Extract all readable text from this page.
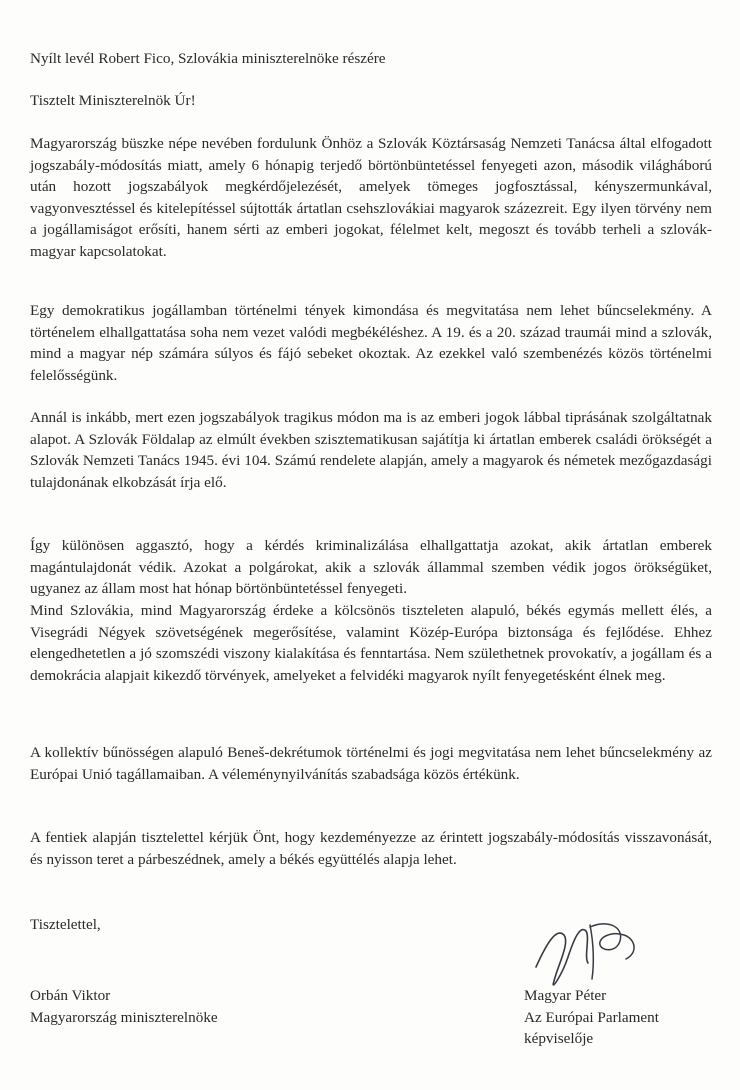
Nyílt levél Robert Fico, Szlovákia miniszterelnöke részére
Tisztelt Miniszterelnök Úr!
Magyarország büszke népe nevében fordulunk Önhöz a Szlovák Köztársaság Nemzeti Tanácsa által elfogadott jogszabály-módosítás miatt, amely 6 hónapig terjedő börtönbüntetéssel fenyegeti azon, második világháború után hozott jogszabályok megkérdőjelezését, amelyek tömeges jogfosztással, kényszermunkával, vagyonvesztéssel és kitelepítéssel sújtották ártatlan csehszlovákiai magyarok százezreit. Egy ilyen törvény nem a jogállamiságot erősíti, hanem sérti az emberi jogokat, félelmet kelt, megoszt és tovább terheli a szlovák-magyar kapcsolatokat.
Egy demokratikus jogállamban történelmi tények kimondása és megvitatása nem lehet bűncselekmény. A történelem elhallgattatása soha nem vezet valódi megbékéléshez. A 19. és a 20. század traumái mind a szlovák, mind a magyar nép számára súlyos és fájó sebeket okoztak. Az ezekkel való szembenézés közös történelmi felelősségünk.
Annál is inkább, mert ezen jogszabályok tragikus módon ma is az emberi jogok lábbal tiprásának szolgáltatnak alapot. A Szlovák Földalap az elmúlt években szisztematikusan sajátítja ki ártatlan emberek családi örökségét a Szlovák Nemzeti Tanács 1945. évi 104. Számú rendelete alapján, amely a magyarok és németek mezőgazdasági tulajdonának elkobzását írja elő.
Így különösen aggasztó, hogy a kérdés kriminalizálása elhallgattatja azokat, akik ártatlan emberek magántulajdonát védik. Azokat a polgárokat, akik a szlovák állammal szemben védik jogos örökségüket, ugyanez az állam most hat hónap börtönbüntetéssel fenyegeti.
Mind Szlovákia, mind Magyarország érdeke a kölcsönös tiszteleten alapuló, békés egymás mellett élés, a Visegrádi Négyek szövetségének megerősítése, valamint Közép-Európa biztonsága és fejlődése. Ehhez elengedhetetlen a jó szomszédi viszony kialakítása és fenntartása. Nem születhetnek provokatív, a jogállam és a demokrácia alapjait kikezdő törvények, amelyeket a felvidéki magyarok nyílt fenyegetésként élnek meg.
A kollektív bűnösségen alapuló Beneš-dekrétumok történelmi és jogi megvitatása nem lehet bűncselekmény az Európai Unió tagállamaiban. A véleménynyilvánítás szabadsága közös értékünk.
A fentiek alapján tisztelettel kérjük Önt, hogy kezdeményezze az érintett jogszabály-módosítás visszavonását, és nyisson teret a párbeszédnek, amely a békés együttélés alapja lehet.
Tisztelettel,
Orbán Viktor
Magyarország miniszterelnöke
Magyar Péter
Az Európai Parlament
képviselője
